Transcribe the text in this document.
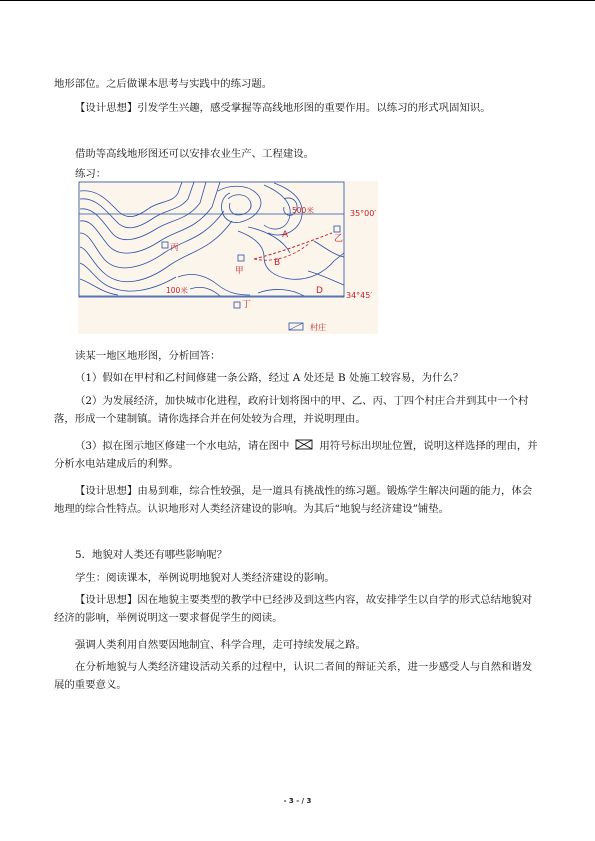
地形部位。之后做课本思考与实践中的练习题。

【设计思想】引发学生兴趣，感受掌握等高线地形图的重要作用。以练习的形式巩固知识。

借助等高线地形图还可以安排农业生产、工程建设。

练习：

500米
100米
35°00′
34°45′
A
B
D
甲
乙
丙
丁
村庄

读某一地区地形图，分析回答：

（1）假如在甲村和乙村间修建一条公路，经过 A 处还是 B 处施工较容易，为什么？

（2）为发展经济，加快城市化进程，政府计划将图中的甲、乙、丙、丁四个村庄合并到其中一个村落，形成一个建制镇。请你选择合并在何处较为合理，并说明理由。

（3）拟在图示地区修建一个水电站，请在图中	用符号标出坝址位置，说明这样选择的理由，并分析水电站建成后的利弊。

【设计思想】由易到难，综合性较强，是一道具有挑战性的练习题。锻炼学生解决问题的能力，体会地理的综合性特点。认识地形对人类经济建设的影响。为其后“地貌与经济建设”铺垫。

5．地貌对人类还有哪些影响呢？

学生：阅读课本，举例说明地貌对人类经济建设的影响。

【设计思想】因在地貌主要类型的教学中已经涉及到这些内容，故安排学生以自学的形式总结地貌对经济的影响，举例说明这一要求督促学生的阅读。

强调人类利用自然要因地制宜、科学合理，走可持续发展之路。

在分析地貌与人类经济建设活动关系的过程中，认识二者间的辩证关系，进一步感受人与自然和谐发展的重要意义。

- 3 - / 3
